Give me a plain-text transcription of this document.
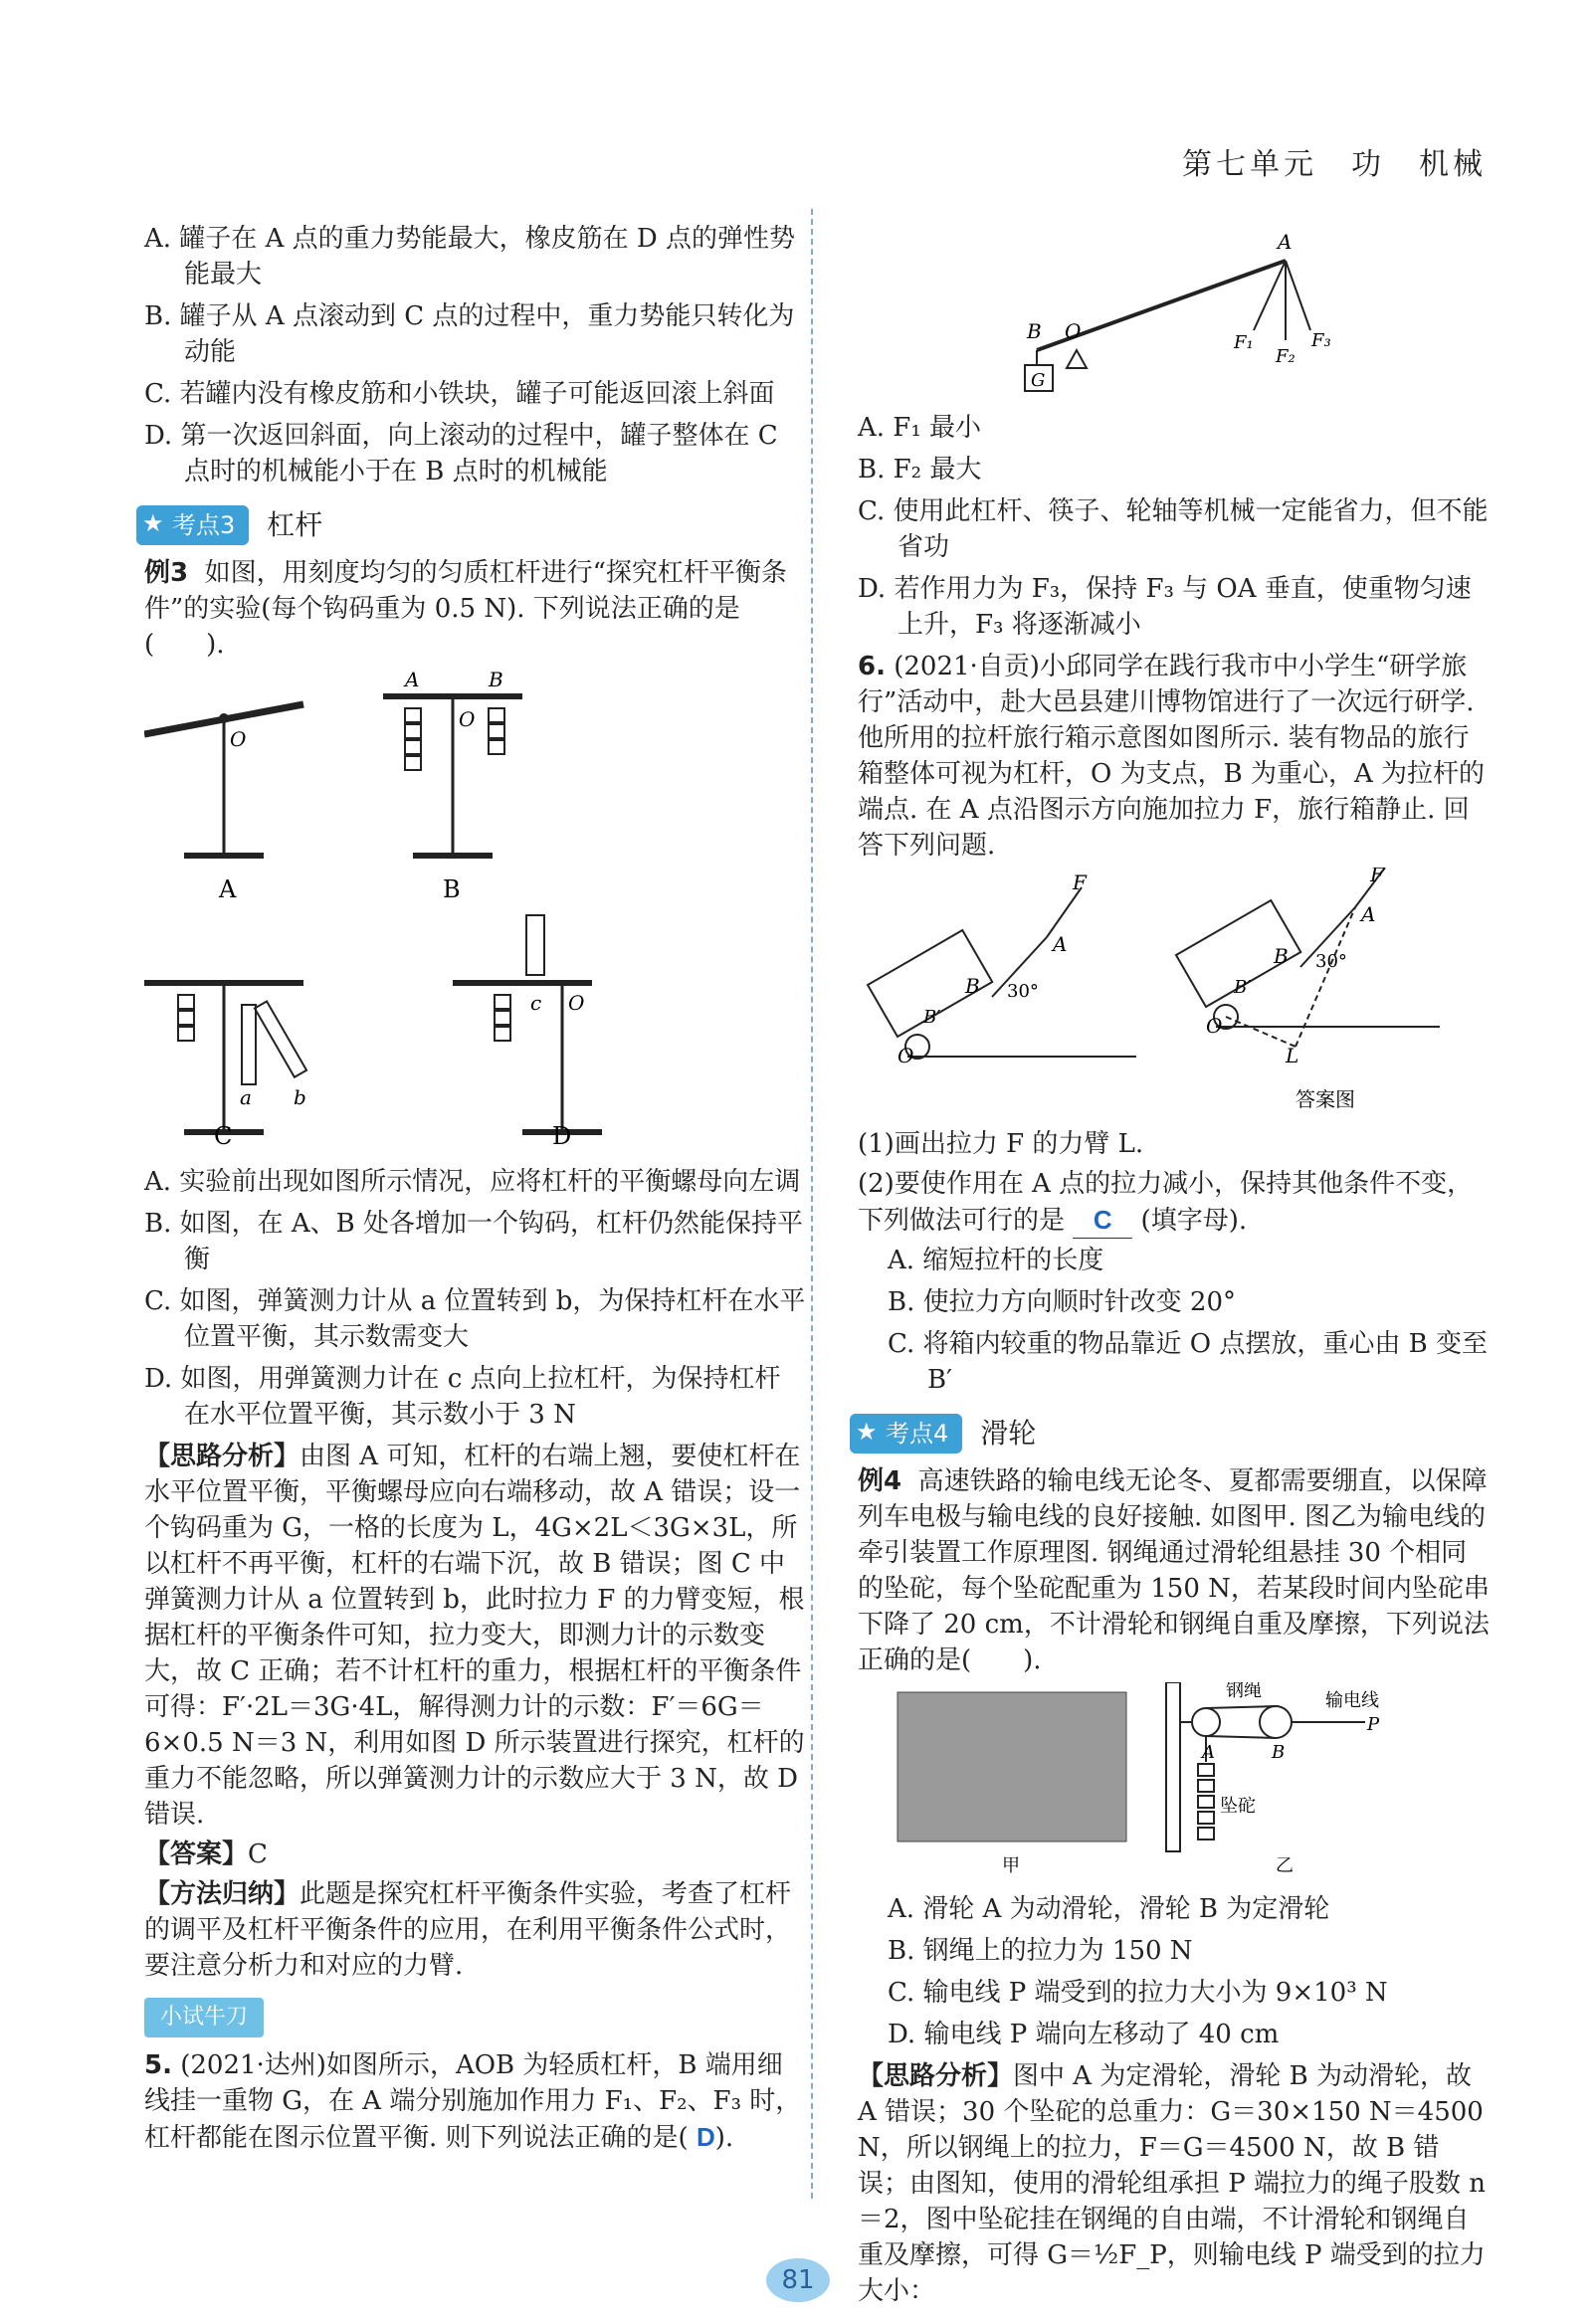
第七单元　功　机械

A. 罐子在 A 点的重力势能最大，橡皮筋在 D 点的弹性势能最大

B. 罐子从 A 点滚动到 C 点的过程中，重力势能只转化为动能

C. 若罐内没有橡皮筋和小铁块，罐子可能返回滚上斜面

D. 第一次返回斜面，向上滚动的过程中，罐子整体在 C 点时的机械能小于在 B 点时的机械能

★ 考点3	杠杆

例3 如图，用刻度均匀的匀质杠杆进行“探究杠杆平衡条件”的实验(每个钩码重为 0.5 N). 下列说法正确的是(　　).

O
A
A	B
O
B
a b
C
c O
D

A. 实验前出现如图所示情况，应将杠杆的平衡螺母向左调

B. 如图，在 A、B 处各增加一个钩码，杠杆仍然能保持平衡

C. 如图，弹簧测力计从 a 位置转到 b，为保持杠杆在水平位置平衡，其示数需变大

D. 如图，用弹簧测力计在 c 点向上拉杠杆，为保持杠杆在水平位置平衡，其示数小于 3 N

【思路分析】由图 A 可知，杠杆的右端上翘，要使杠杆在水平位置平衡，平衡螺母应向右端移动，故 A 错误；设一个钩码重为 G，一格的长度为 L，4G×2L＜3G×3L，所以杠杆不再平衡，杠杆的右端下沉，故 B 错误；图 C 中弹簧测力计从 a 位置转到 b，此时拉力 F 的力臂变短，根据杠杆的平衡条件可知，拉力变大，即测力计的示数变大，故 C 正确；若不计杠杆的重力，根据杠杆的平衡条件可得：F′·2L＝3G·4L，解得测力计的示数：F′＝6G＝6×0.5 N＝3 N，利用如图 D 所示装置进行探究，杠杆的重力不能忽略，所以弹簧测力计的示数应大于 3 N，故 D 错误.

【答案】C

【方法归纳】此题是探究杠杆平衡条件实验，考查了杠杆的调平及杠杆平衡条件的应用，在利用平衡条件公式时，要注意分析力和对应的力臂.

小试牛刀

5. (2021·达州)如图所示，AOB 为轻质杠杆，B 端用细线挂一重物 G，在 A 端分别施加作用力 F₁、F₂、F₃ 时，杠杆都能在图示位置平衡. 则下列说法正确的是( D).

A
B O
G
F₁
F₂
F₃

A. F₁ 最小

B. F₂ 最大

C. 使用此杠杆、筷子、轮轴等机械一定能省力，但不能省功

D. 若作用力为 F₃，保持 F₃ 与 OA 垂直，使重物匀速上升，F₃ 将逐渐减小

6. (2021·自贡)小邱同学在践行我市中小学生“研学旅行”活动中，赴大邑县建川博物馆进行了一次远行研学. 他所用的拉杆旅行箱示意图如图所示. 装有物品的旅行箱整体可视为杠杆，O 为支点，B 为重心，A 为拉杆的端点. 在 A 点沿图示方向施加拉力 F，旅行箱静止. 回答下列问题.

F
A
B
B′
O
30°
F
A
B
B′
O
30°
L
答案图

(1)画出拉力 F 的力臂 L.

(2)要使作用在 A 点的拉力减小，保持其他条件不变，下列做法可行的是 C (填字母).

A. 缩短拉杆的长度

B. 使拉力方向顺时针改变 20°

C. 将箱内较重的物品靠近 O 点摆放，重心由 B 变至 B′

★ 考点4	滑轮

例4 高速铁路的输电线无论冬、夏都需要绷直，以保障列车电极与输电线的良好接触. 如图甲. 图乙为输电线的牵引装置工作原理图. 钢绳通过滑轮组悬挂 30 个相同的坠砣，每个坠砣配重为 150 N，若某段时间内坠砣串下降了 20 cm，不计滑轮和钢绳自重及摩擦，下列说法正确的是(　　).

钢绳	输电线
P
A	B
坠砣
甲	乙

A. 滑轮 A 为动滑轮，滑轮 B 为定滑轮

B. 钢绳上的拉力为 150 N

C. 输电线 P 端受到的拉力大小为 9×10³ N

D. 输电线 P 端向左移动了 40 cm

【思路分析】图中 A 为定滑轮，滑轮 B 为动滑轮，故 A 错误；30 个坠砣的总重力：G＝30×150 N＝4500 N，所以钢绳上的拉力，F＝G＝4500 N，故 B 错误；由图知，使用的滑轮组承担 P 端拉力的绳子股数 n＝2，图中坠砣挂在钢绳的自由端，不计滑轮和钢绳自重及摩擦，可得 G＝½F_P，则输电线 P 端受到的拉力大小：

81
